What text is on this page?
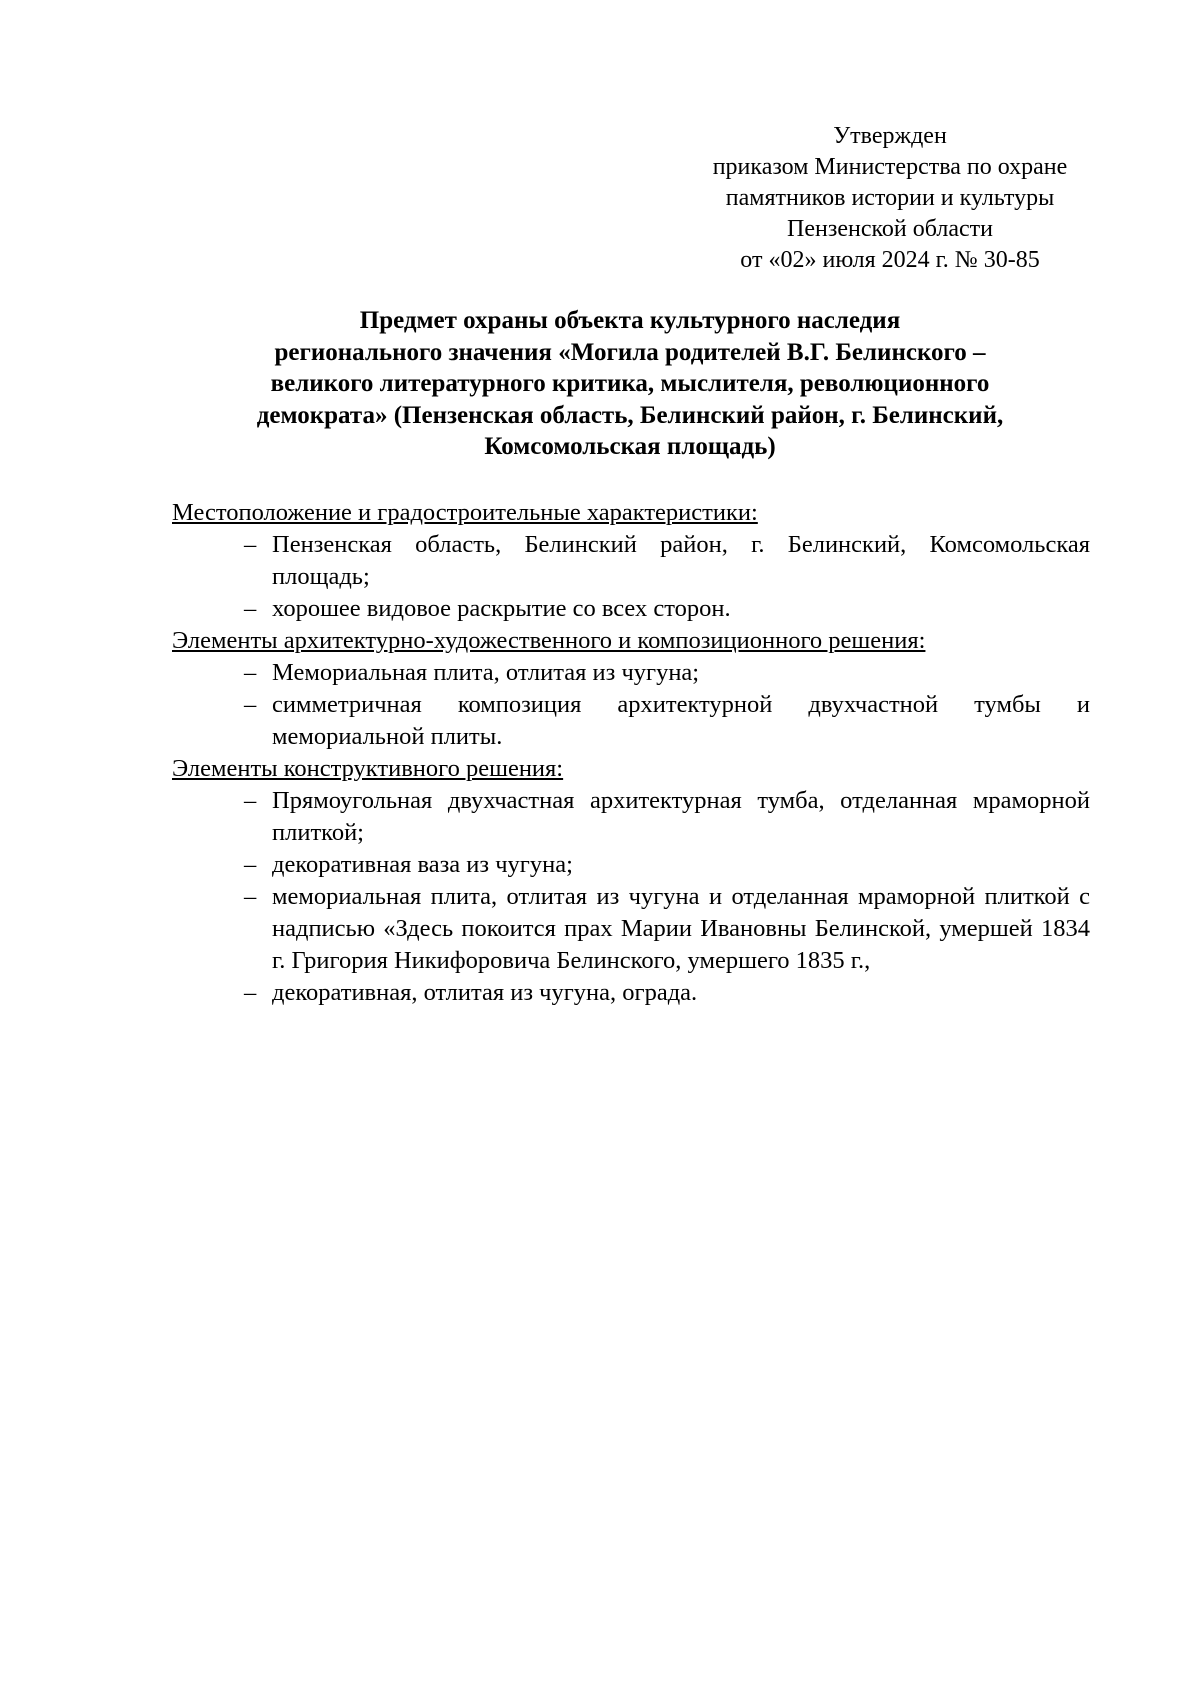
Утвержден
приказом Министерства по охране
памятников истории и культуры
Пензенской области
от «02» июля 2024 г. № 30-85
Предмет охраны объекта культурного наследия
регионального значения «Могила родителей В.Г. Белинского –
великого литературного критика, мыслителя, революционного
демократа» (Пензенская область, Белинский район, г. Белинский,
Комсомольская площадь)
Местоположение и градостроительные характеристики:
– Пензенская область, Белинский район, г. Белинский, Комсомольская площадь;
– хорошее видовое раскрытие со всех сторон.
Элементы архитектурно-художественного и композиционного решения:
– Мемориальная плита, отлитая из чугуна;
– симметричная композиция архитектурной двухчастной тумбы и мемориальной плиты.
Элементы конструктивного решения:
– Прямоугольная двухчастная архитектурная тумба, отделанная мраморной плиткой;
– декоративная ваза из чугуна;
– мемориальная плита, отлитая из чугуна и отделанная мраморной плиткой с надписью «Здесь покоится прах Марии Ивановны Белинской, умершей 1834 г. Григория Никифоровича Белинского, умершего 1835 г.,
– декоративная, отлитая из чугуна, ограда.
